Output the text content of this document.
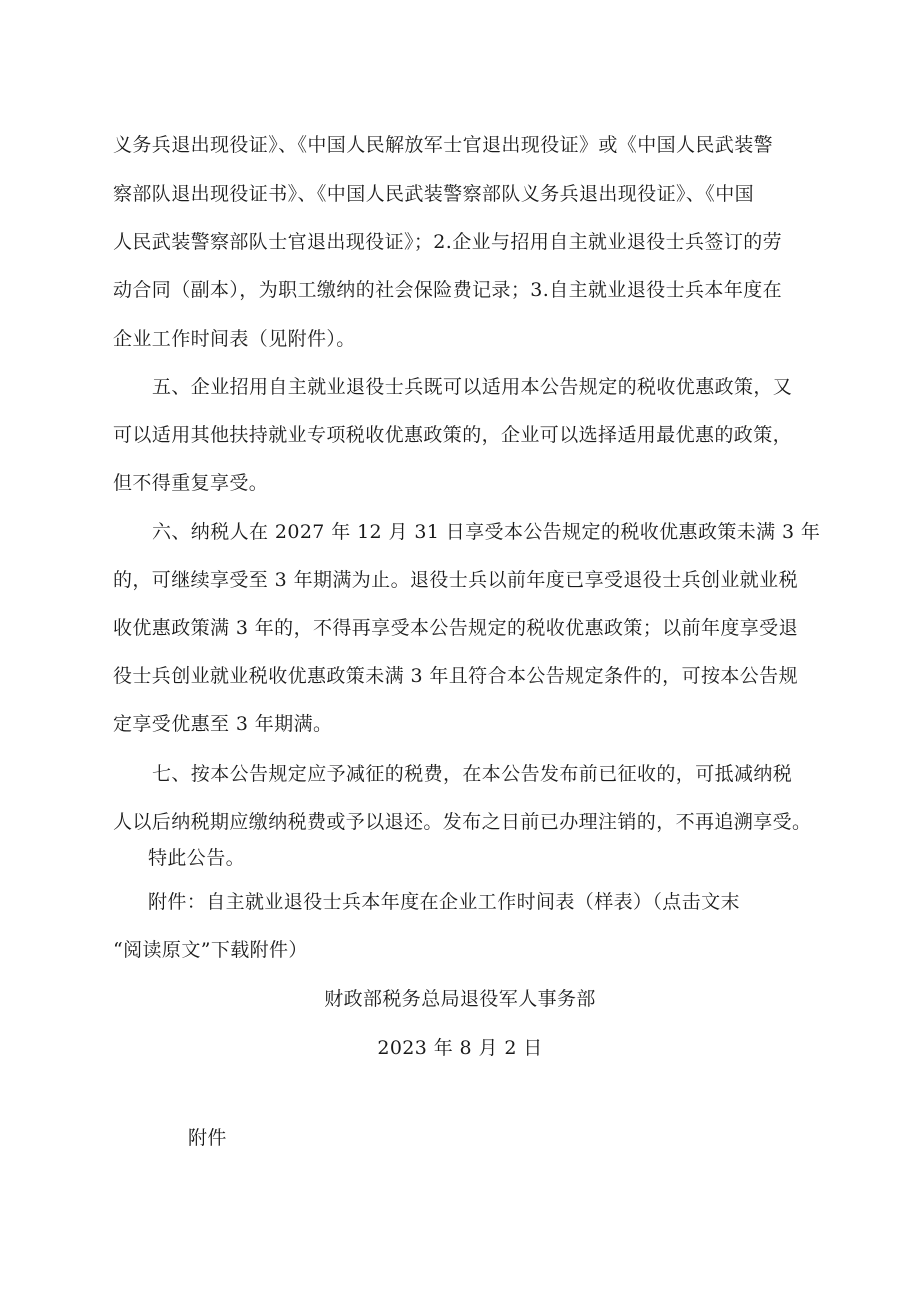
义务兵退出现役证》、《中国人民解放军士官退出现役证》或《中国人民武装警
察部队退出现役证书》、《中国人民武装警察部队义务兵退出现役证》、《中国
人民武装警察部队士官退出现役证》；2.企业与招用自主就业退役士兵签订的劳
动合同（副本），为职工缴纳的社会保险费记录；3.自主就业退役士兵本年度在
企业工作时间表（见附件）。
五、企业招用自主就业退役士兵既可以适用本公告规定的税收优惠政策，又
可以适用其他扶持就业专项税收优惠政策的，企业可以选择适用最优惠的政策，
但不得重复享受。
六、纳税人在 2027 年 12 月 31 日享受本公告规定的税收优惠政策未满 3 年
的，可继续享受至 3 年期满为止。退役士兵以前年度已享受退役士兵创业就业税
收优惠政策满 3 年的，不得再享受本公告规定的税收优惠政策；以前年度享受退
役士兵创业就业税收优惠政策未满 3 年且符合本公告规定条件的，可按本公告规
定享受优惠至 3 年期满。
七、按本公告规定应予减征的税费，在本公告发布前已征收的，可抵减纳税
人以后纳税期应缴纳税费或予以退还。发布之日前已办理注销的，不再追溯享受。
特此公告。
附件：自主就业退役士兵本年度在企业工作时间表（样表）（点击文末
“阅读原文”下载附件）
财政部税务总局退役军人事务部
2023 年 8 月 2 日
附件
